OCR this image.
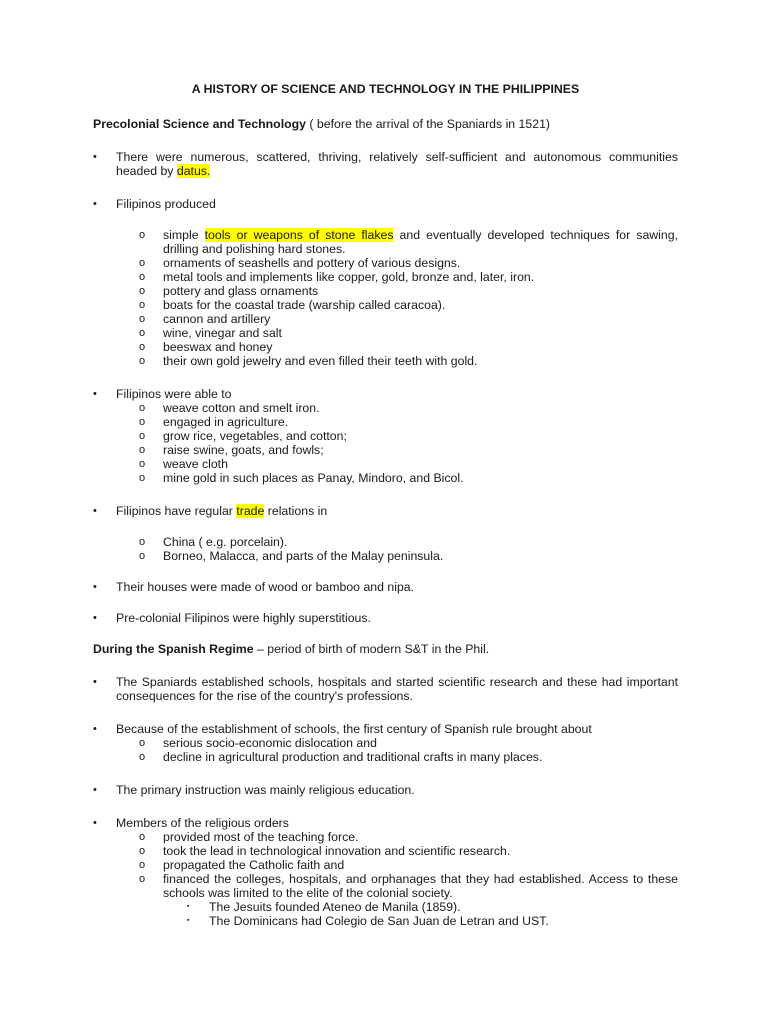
A HISTORY OF SCIENCE AND TECHNOLOGY IN THE PHILIPPINES
Precolonial Science and Technology ( before the arrival of the Spaniards in 1521)
• There were numerous, scattered, thriving, relatively self-sufficient and autonomous communities headed by datus.
• Filipinos produced
o simple tools or weapons of stone flakes and eventually developed techniques for sawing, drilling and polishing hard stones.
o ornaments of seashells and pottery of various designs.
o metal tools and implements like copper, gold, bronze and, later, iron.
o pottery and glass ornaments
o boats for the coastal trade (warship called caracoa).
o cannon and artillery
o wine, vinegar and salt
o beeswax and honey
o their own gold jewelry and even filled their teeth with gold.
• Filipinos were able to
o weave cotton and smelt iron.
o engaged in agriculture.
o grow rice, vegetables, and cotton;
o raise swine, goats, and fowls;
o weave cloth
o mine gold in such places as Panay, Mindoro, and Bicol.
• Filipinos have regular trade relations in
o China ( e.g. porcelain).
o Borneo, Malacca, and parts of the Malay peninsula.
• Their houses were made of wood or bamboo and nipa.
• Pre-colonial Filipinos were highly superstitious.
During the Spanish Regime – period of birth of modern S&T in the Phil.
• The Spaniards established schools, hospitals and started scientific research and these had important consequences for the rise of the country's professions.
• Because of the establishment of schools, the first century of Spanish rule brought about
o serious socio-economic dislocation and
o decline in agricultural production and traditional crafts in many places.
• The primary instruction was mainly religious education.
• Members of the religious orders
o provided most of the teaching force.
o took the lead in technological innovation and scientific research.
o propagated the Catholic faith and
o financed the colleges, hospitals, and orphanages that they had established. Access to these schools was limited to the elite of the colonial society.
▪ The Jesuits founded Ateneo de Manila (1859).
▪ The Dominicans had Colegio de San Juan de Letran and UST.
